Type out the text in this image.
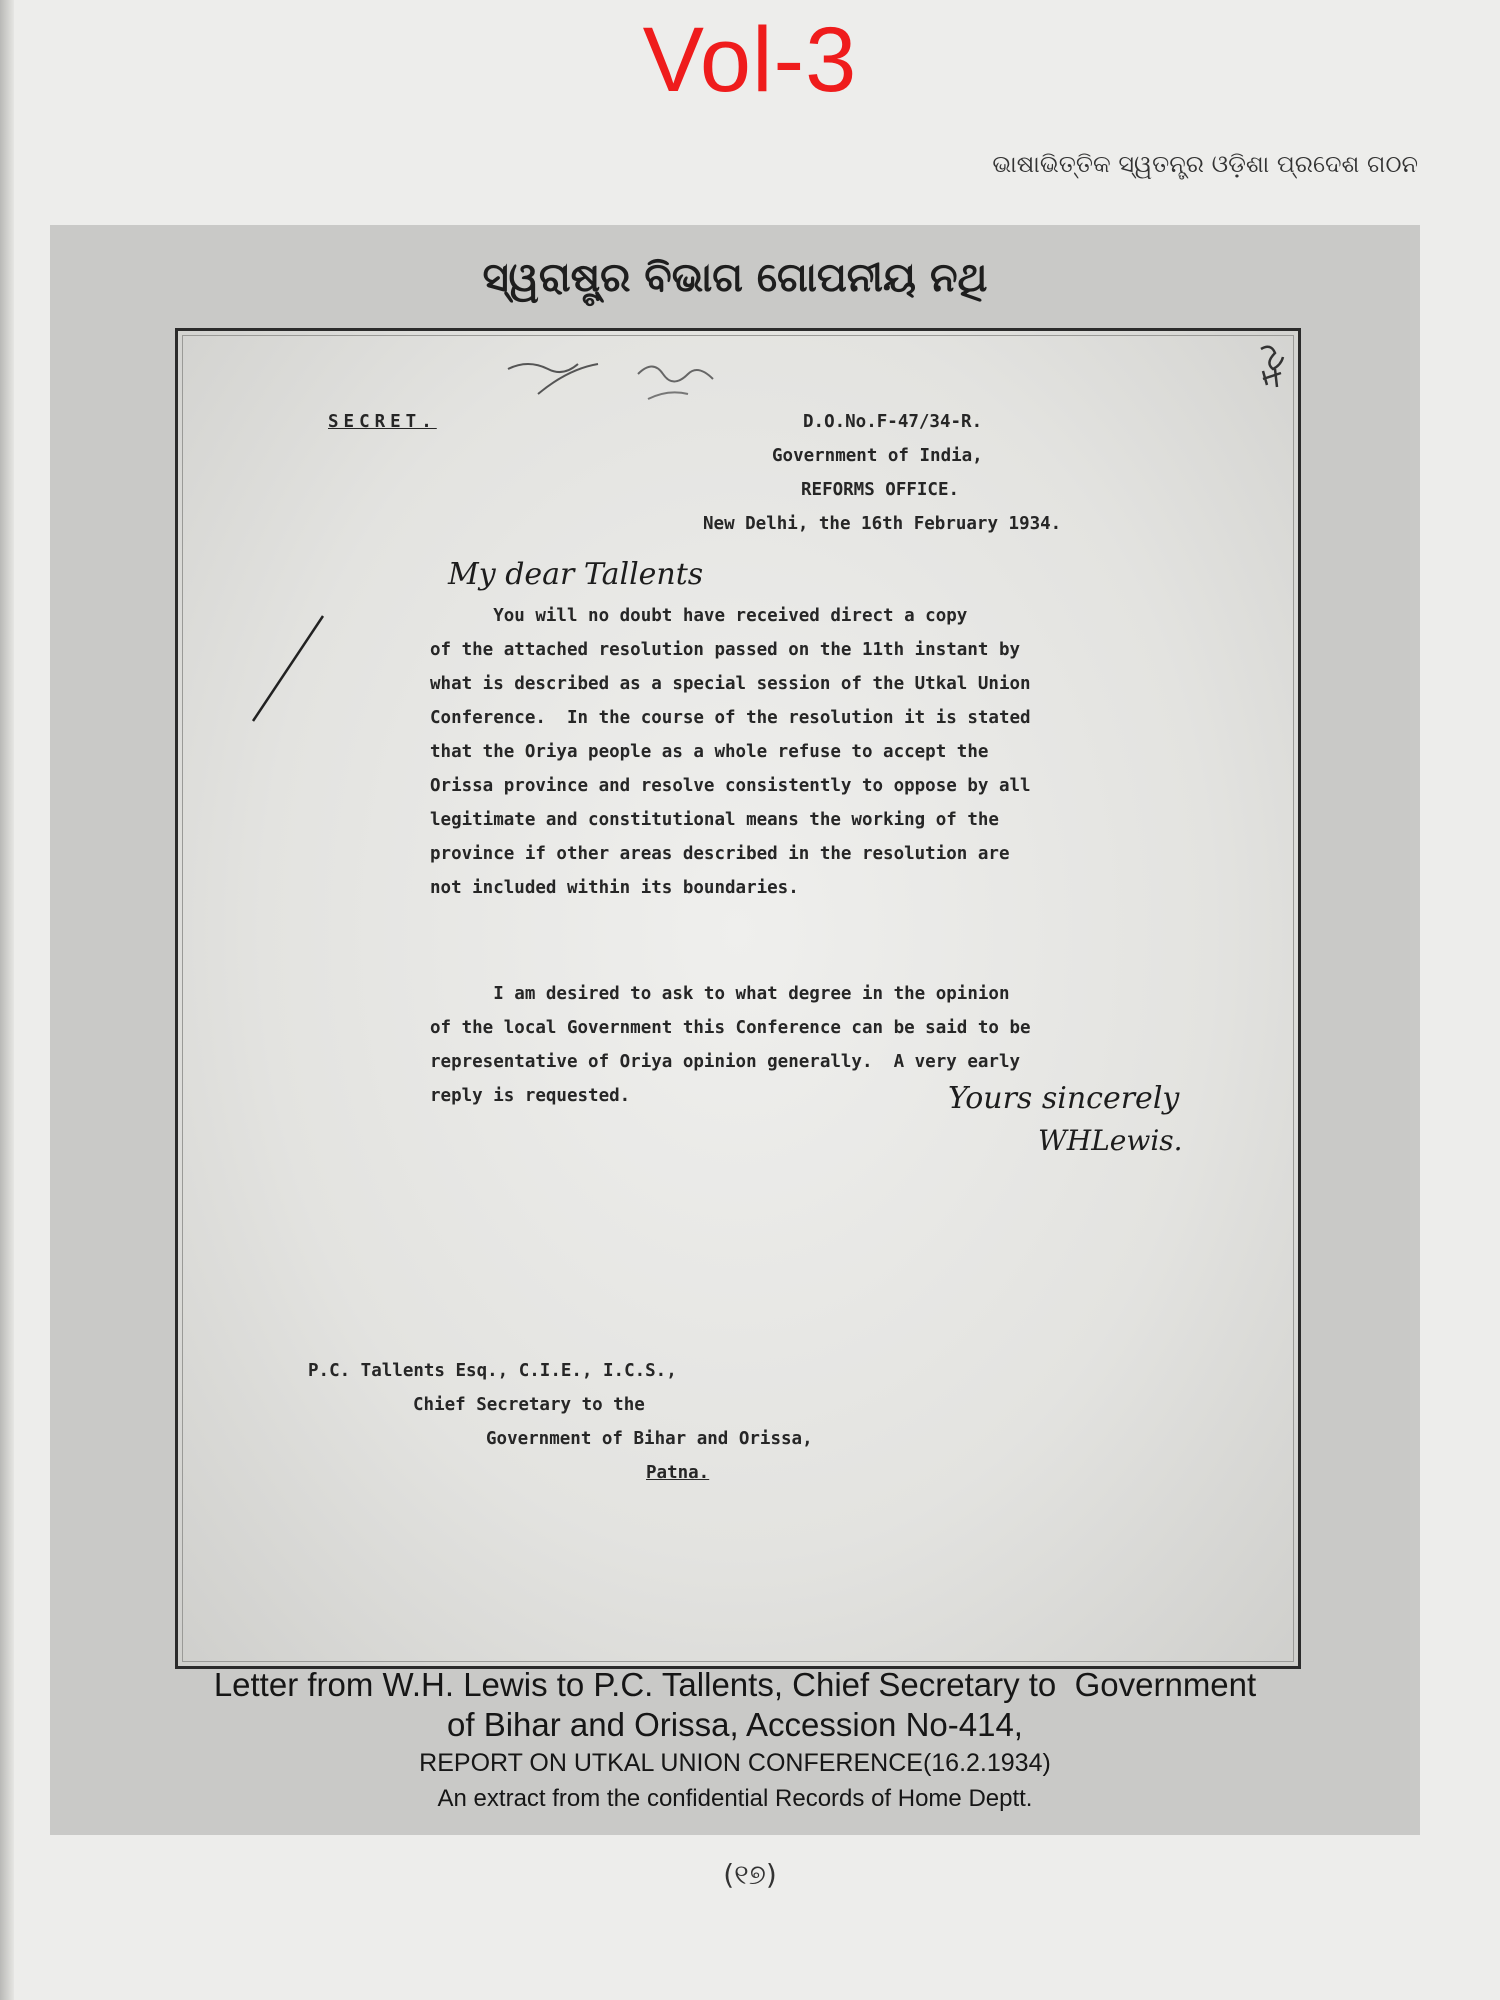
Vol-3
ଭାଷାଭିତ୍ତିକ ସ୍ୱତନ୍ତ୍ର ଓଡ଼ିଶା ପ୍ରଦେଶ ଗଠନ
ସ୍ୱରାଷ୍ଟ୍ର ବିଭାଗ ଗୋପନୀୟ ନଥି
SECRET.	D.O.No.F-47/34-R.
Government of India,
REFORMS OFFICE.
New Delhi, the 16th February 1934.
My dear Tallents
You will no doubt have received direct a copy
of the attached resolution passed on the 11th instant by
what is described as a special session of the Utkal Union
Conference.  In the course of the resolution it is stated
that the Oriya people as a whole refuse to accept the
Orissa province and resolve consistently to oppose by all
legitimate and constitutional means the working of the
province if other areas described in the resolution are
not included within its boundaries.
I am desired to ask to what degree in the opinion
of the local Government this Conference can be said to be
representative of Oriya opinion generally.  A very early
reply is requested.	Yours sincerely
WHLewis.
P.C. Tallents Esq., C.I.E., I.C.S.,
Chief Secretary to the
Government of Bihar and Orissa,
Patna.
Letter from W.H. Lewis to P.C. Tallents, Chief Secretary to  Government
of Bihar and Orissa, Accession No-414,
REPORT ON UTKAL UNION CONFERENCE(16.2.1934)
An extract from the confidential Records of Home Deptt.
(୧୭)
